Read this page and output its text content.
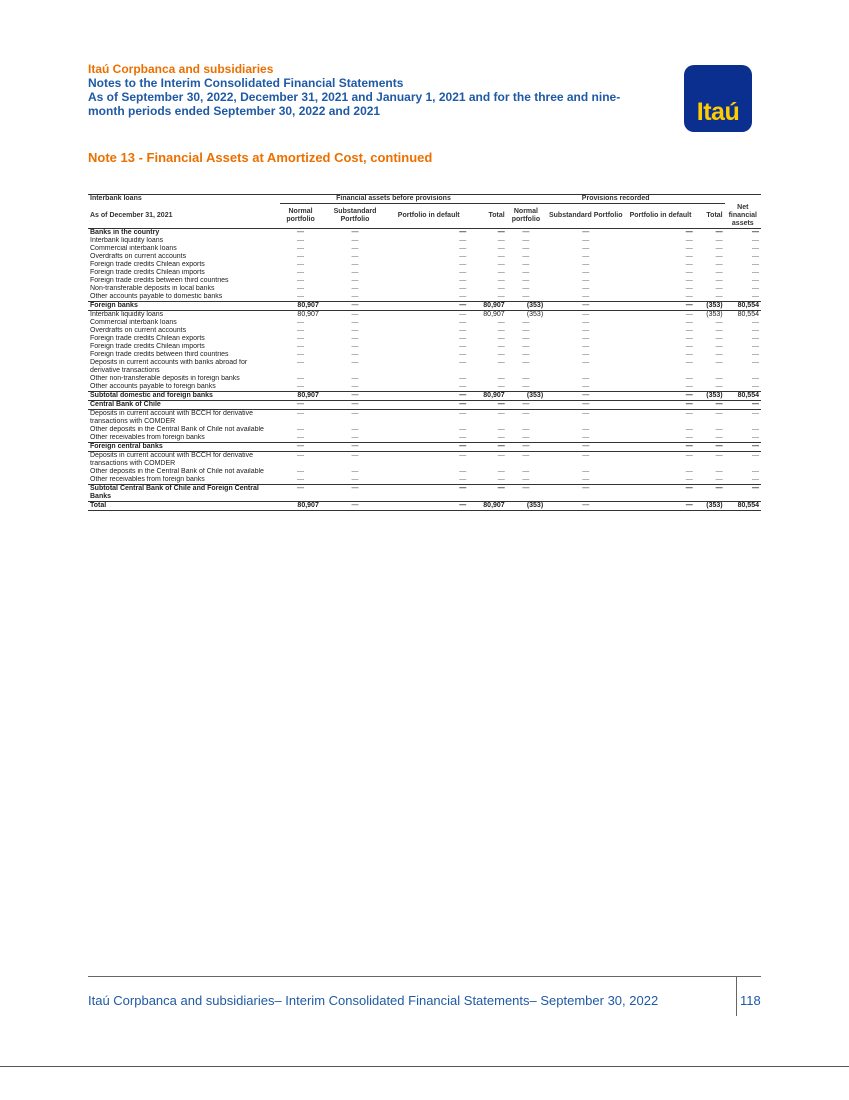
Itaú Corpbanca and subsidiaries
Notes to the Interim Consolidated Financial Statements
As of September 30, 2022, December 31, 2021 and January 1, 2021 and for the three and nine-
month periods ended September 30, 2022 and 2021	Itaú
Note 13 - Financial Assets at Amortized Cost, continued
Interbank loans	Financial assets before provisions				Provisions recorded				
As of December 31, 2021	Normal portfolio	Substandard Portfolio	Portfolio in default	Total	Normal portfolio	Substandard Portfolio	Portfolio in default	Total	Net financial assets
Banks in the country	—	—	—	—	—	—	—	—	—
Interbank liquidity loans	—	—	—	—	—	—	—	—	—
Commercial interbank loans	—	—	—	—	—	—	—	—	—
Overdrafts on current accounts	—	—	—	—	—	—	—	—	—
Foreign trade credits Chilean exports	—	—	—	—	—	—	—	—	—
Foreign trade credits Chilean imports	—	—	—	—	—	—	—	—	—
Foreign trade credits between third countries	—	—	—	—	—	—	—	—	—
Non-transferable deposits in local banks	—	—	—	—	—	—	—	—	—
Other accounts payable to domestic banks	—	—	—	—	—	—	—	—	—
Foreign banks	80,907	—	—	80,907	(353)	—	—	(353)	80,554
Interbank liquidity loans	80,907	—	—	80,907	(353)	—	—	(353)	80,554
Commercial interbank loans	—	—	—	—	—	—	—	—	—
Overdrafts on current accounts	—	—	—	—	—	—	—	—	—
Foreign trade credits Chilean exports	—	—	—	—	—	—	—	—	—
Foreign trade credits Chilean imports	—	—	—	—	—	—	—	—	—
Foreign trade credits between third countries	—	—	—	—	—	—	—	—	—
Deposits in current accounts with banks abroad for derivative transactions	—	—	—	—	—	—	—	—	—
Other non-transferable deposits in foreign banks	—	—	—	—	—	—	—	—	—
Other accounts payable to foreign banks	—	—	—	—	—	—	—	—	—
Subtotal domestic and foreign banks	80,907	—	—	80,907	(353)	—	—	(353)	80,554
Central Bank of Chile	—	—	—	—	—	—	—	—	—
Deposits in current account with BCCH for derivative transactions with COMDER	—	—	—	—	—	—	—	—	—
Other deposits in the Central Bank of Chile not available	—	—	—	—	—	—	—	—	—
Other receivables from foreign banks	—	—	—	—	—	—	—	—	—
Foreign central banks	—	—	—	—	—	—	—	—	—
Deposits in current account with BCCH for derivative transactions with COMDER	—	—	—	—	—	—	—	—	—
Other deposits in the Central Bank of Chile not available	—	—	—	—	—	—	—	—	—
Other receivables from foreign banks	—	—	—	—	—	—	—	—	—
Subtotal Central Bank of Chile and Foreign Central Banks	—	—	—	—	—	—	—	—	—
Total	80,907	—	—	80,907	(353)	—	—	(353)	80,554
Itaú Corpbanca and subsidiaries– Interim Consolidated Financial Statements– September 30, 2022	118
